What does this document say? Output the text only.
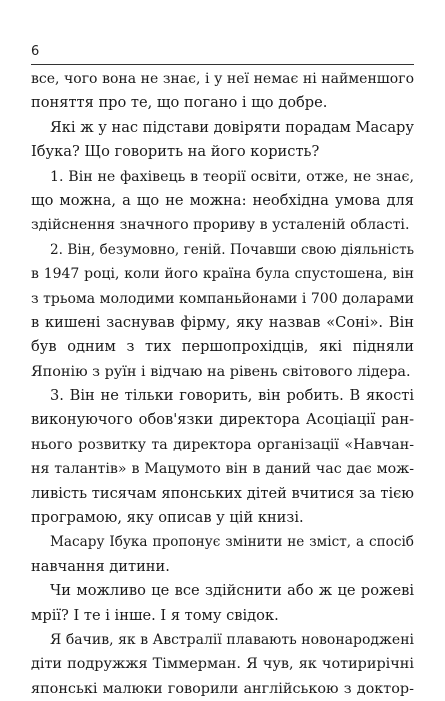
6
все, чого вона не знає, і у неї немає ні найменшого
поняття про те, що погано і що добре.
Які ж у нас підстави довіряти порадам Масару
Ібука? Що говорить на його користь?
1. Він не фахівець в теорії освіти, отже, не знає,
що можна, а що не можна: необхідна умова для
здійснення значного прориву в усталеній області.
2. Він, безумовно, геній. Почавши свою діяльність
в 1947 році, коли його країна була спустошена, він
з трьома молодими компаньйонами і 700 доларами
в кишені заснував фірму, яку назвав «Соні». Він
був одним з тих першопрохідців, які підняли
Японію з руїн і відчаю на рівень світового лідера.
3. Він не тільки говорить, він робить. В якості
виконуючого обов'язки директора Асоціації ран-
нього розвитку та директора організації «Навчан-
ня талантів» в Мацумото він в даний час дає мож-
ливість тисячам японських дітей вчитися за тією
програмою, яку описав у цій книзі.
Масару Ібука пропонує змінити не зміст, а спосіб
навчання дитини.
Чи можливо це все здійснити або ж це рожеві
мрії? І те і інше. І я тому свідок.
Я бачив, як в Австралії плавають новонароджені
діти подружжя Тіммерман. Я чув, як чотирирічні
японські малюки говорили англійською з доктор-
